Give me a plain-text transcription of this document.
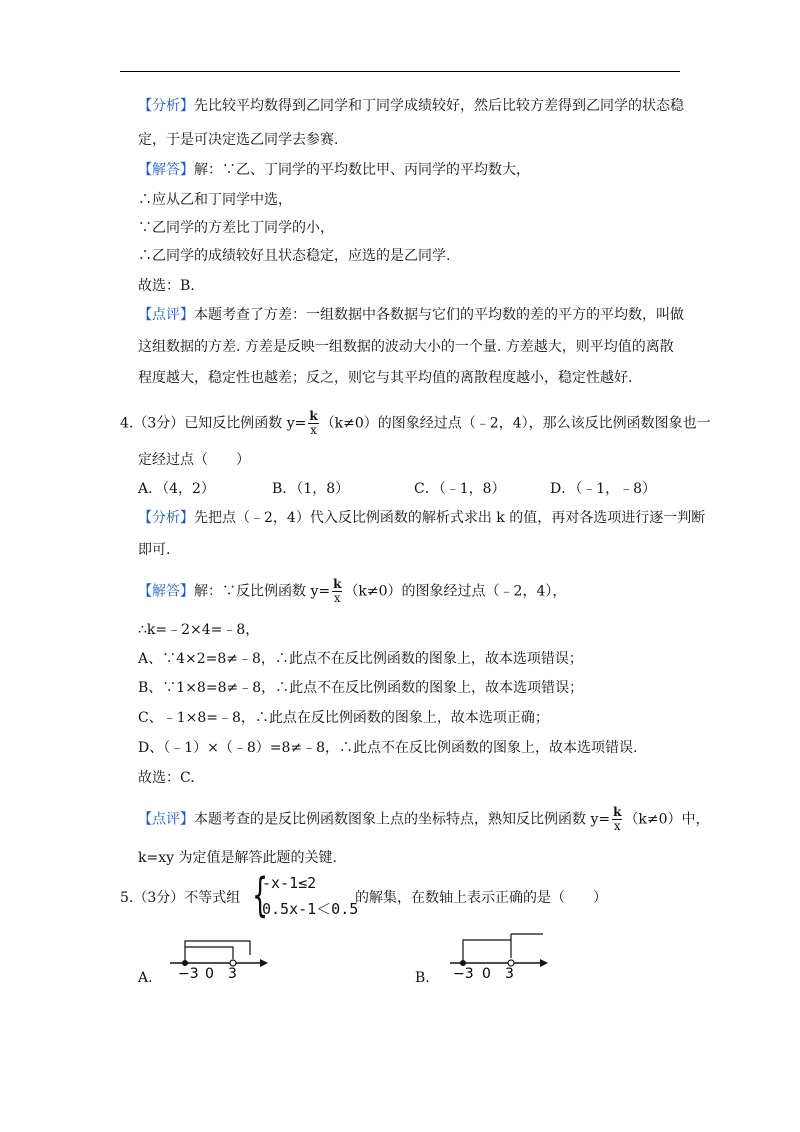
【分析】先比较平均数得到乙同学和丁同学成绩较好，然后比较方差得到乙同学的状态稳
定，于是可决定选乙同学去参赛.
【解答】解：∵乙、丁同学的平均数比甲、丙同学的平均数大，
∴应从乙和丁同学中选，
∵乙同学的方差比丁同学的小，
∴乙同学的成绩较好且状态稳定，应选的是乙同学.
故选：B.
【点评】本题考查了方差：一组数据中各数据与它们的平均数的差的平方的平均数，叫做
这组数据的方差. 方差是反映一组数据的波动大小的一个量. 方差越大，则平均值的离散
程度越大，稳定性也越差；反之，则它与其平均值的离散程度越小，稳定性越好.
4.（3分）已知反比例函数 $y= \frac{k}{x} (k\ne 0)$的图象经过点（﹣2，4），那么该反比例函数图象也一
定经过点（　　）
A．（4，2）	B．（1，8）	C．（﹣1，8）	D．（﹣1，﹣8）
【分析】先把点（﹣2，4）代入反比例函数的解析式求出 k 的值，再对各选项进行逐一判断
即可.
【解答】解：∵反比例函数 $y= \frac{k}{x} (k\ne 0)$的图象经过点（﹣2，4），
∴k=﹣2×4=﹣8，
A、∵4×2=8≠﹣8，∴此点不在反比例函数的图象上，故本选项错误；
B、∵1×8=8≠﹣8，∴此点不在反比例函数的图象上，故本选项错误；
C、﹣1×8=﹣8，∴此点在反比例函数的图象上，故本选项正确；
D、（﹣1）×（﹣8）=8≠﹣8，∴此点不在反比例函数的图象上，故本选项错误.
故选：C.
【点评】本题考查的是反比例函数图象上点的坐标特点，熟知反比例函数 $y= \frac{k}{x} (k\ne 0)$中，
k=xy 为定值是解答此题的关键.
5.（3分）不等式组 {
-x-1≤2
0.5x-1＜0.5
的解集，在数轴上表示正确的是（　　）
−3 0 3
A.	−3 0 3
B.
